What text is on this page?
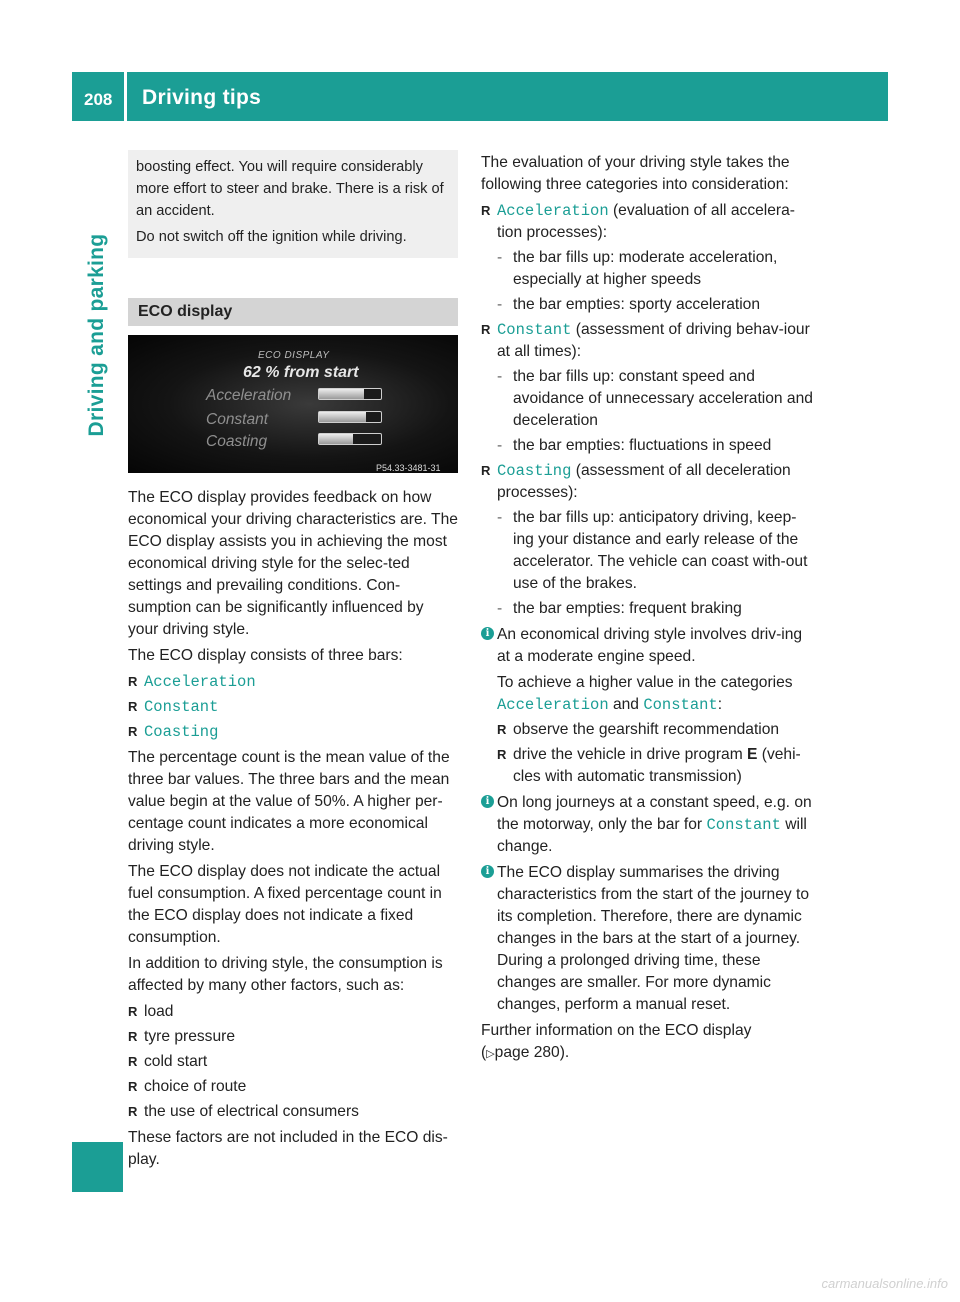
208 Driving tips
Driving and parking

boosting effect. You will require considerably more effort to steer and brake. There is a risk of an accident.

Do not switch off the ignition while driving.

ECO display
ECO DISPLAY
62 % from start
Acceleration
Constant
Coasting
P54.33-3481-31

The ECO display provides feedback on how economical your driving characteristics are. The ECO display assists you in achieving the most economical driving style for the selec-ted settings and prevailing conditions. Con-sumption can be significantly influenced by your driving style.

The ECO display consists of three bars:

R Acceleration
R Constant
R Coasting

The percentage count is the mean value of the three bar values. The three bars and the mean value begin at the value of 50%. A higher per-centage count indicates a more economical driving style.

The ECO display does not indicate the actual fuel consumption. A fixed percentage count in the ECO display does not indicate a fixed consumption.

In addition to driving style, the consumption is affected by many other factors, such as:

R load
R tyre pressure
R cold start
R choice of route
R the use of electrical consumers

These factors are not included in the ECO dis-play.

The evaluation of your driving style takes the following three categories into consideration:

R Acceleration (evaluation of all accelera-tion processes):
- the bar fills up: moderate acceleration, especially at higher speeds
- the bar empties: sporty acceleration
R Constant (assessment of driving behav-iour at all times):
- the bar fills up: constant speed and avoidance of unnecessary acceleration and deceleration
- the bar empties: fluctuations in speed
R Coasting (assessment of all deceleration processes):
- the bar fills up: anticipatory driving, keep-ing your distance and early release of the accelerator. The vehicle can coast with-out use of the brakes.
- the bar empties: frequent braking
i An economical driving style involves driv-ing at a moderate engine speed.

To achieve a higher value in the categories Acceleration and Constant:

R observe the gearshift recommendation
R drive the vehicle in drive program E (vehi-cles with automatic transmission)
i On long journeys at a constant speed, e.g. on the motorway, only the bar for Constant will change.

i The ECO display summarises the driving characteristics from the start of the journey to its completion. Therefore, there are dynamic changes in the bars at the start of a journey. During a prolonged driving time, these changes are smaller. For more dynamic changes, perform a manual reset.

Further information on the ECO display
(▷page 280).

carmanualsonline.info
